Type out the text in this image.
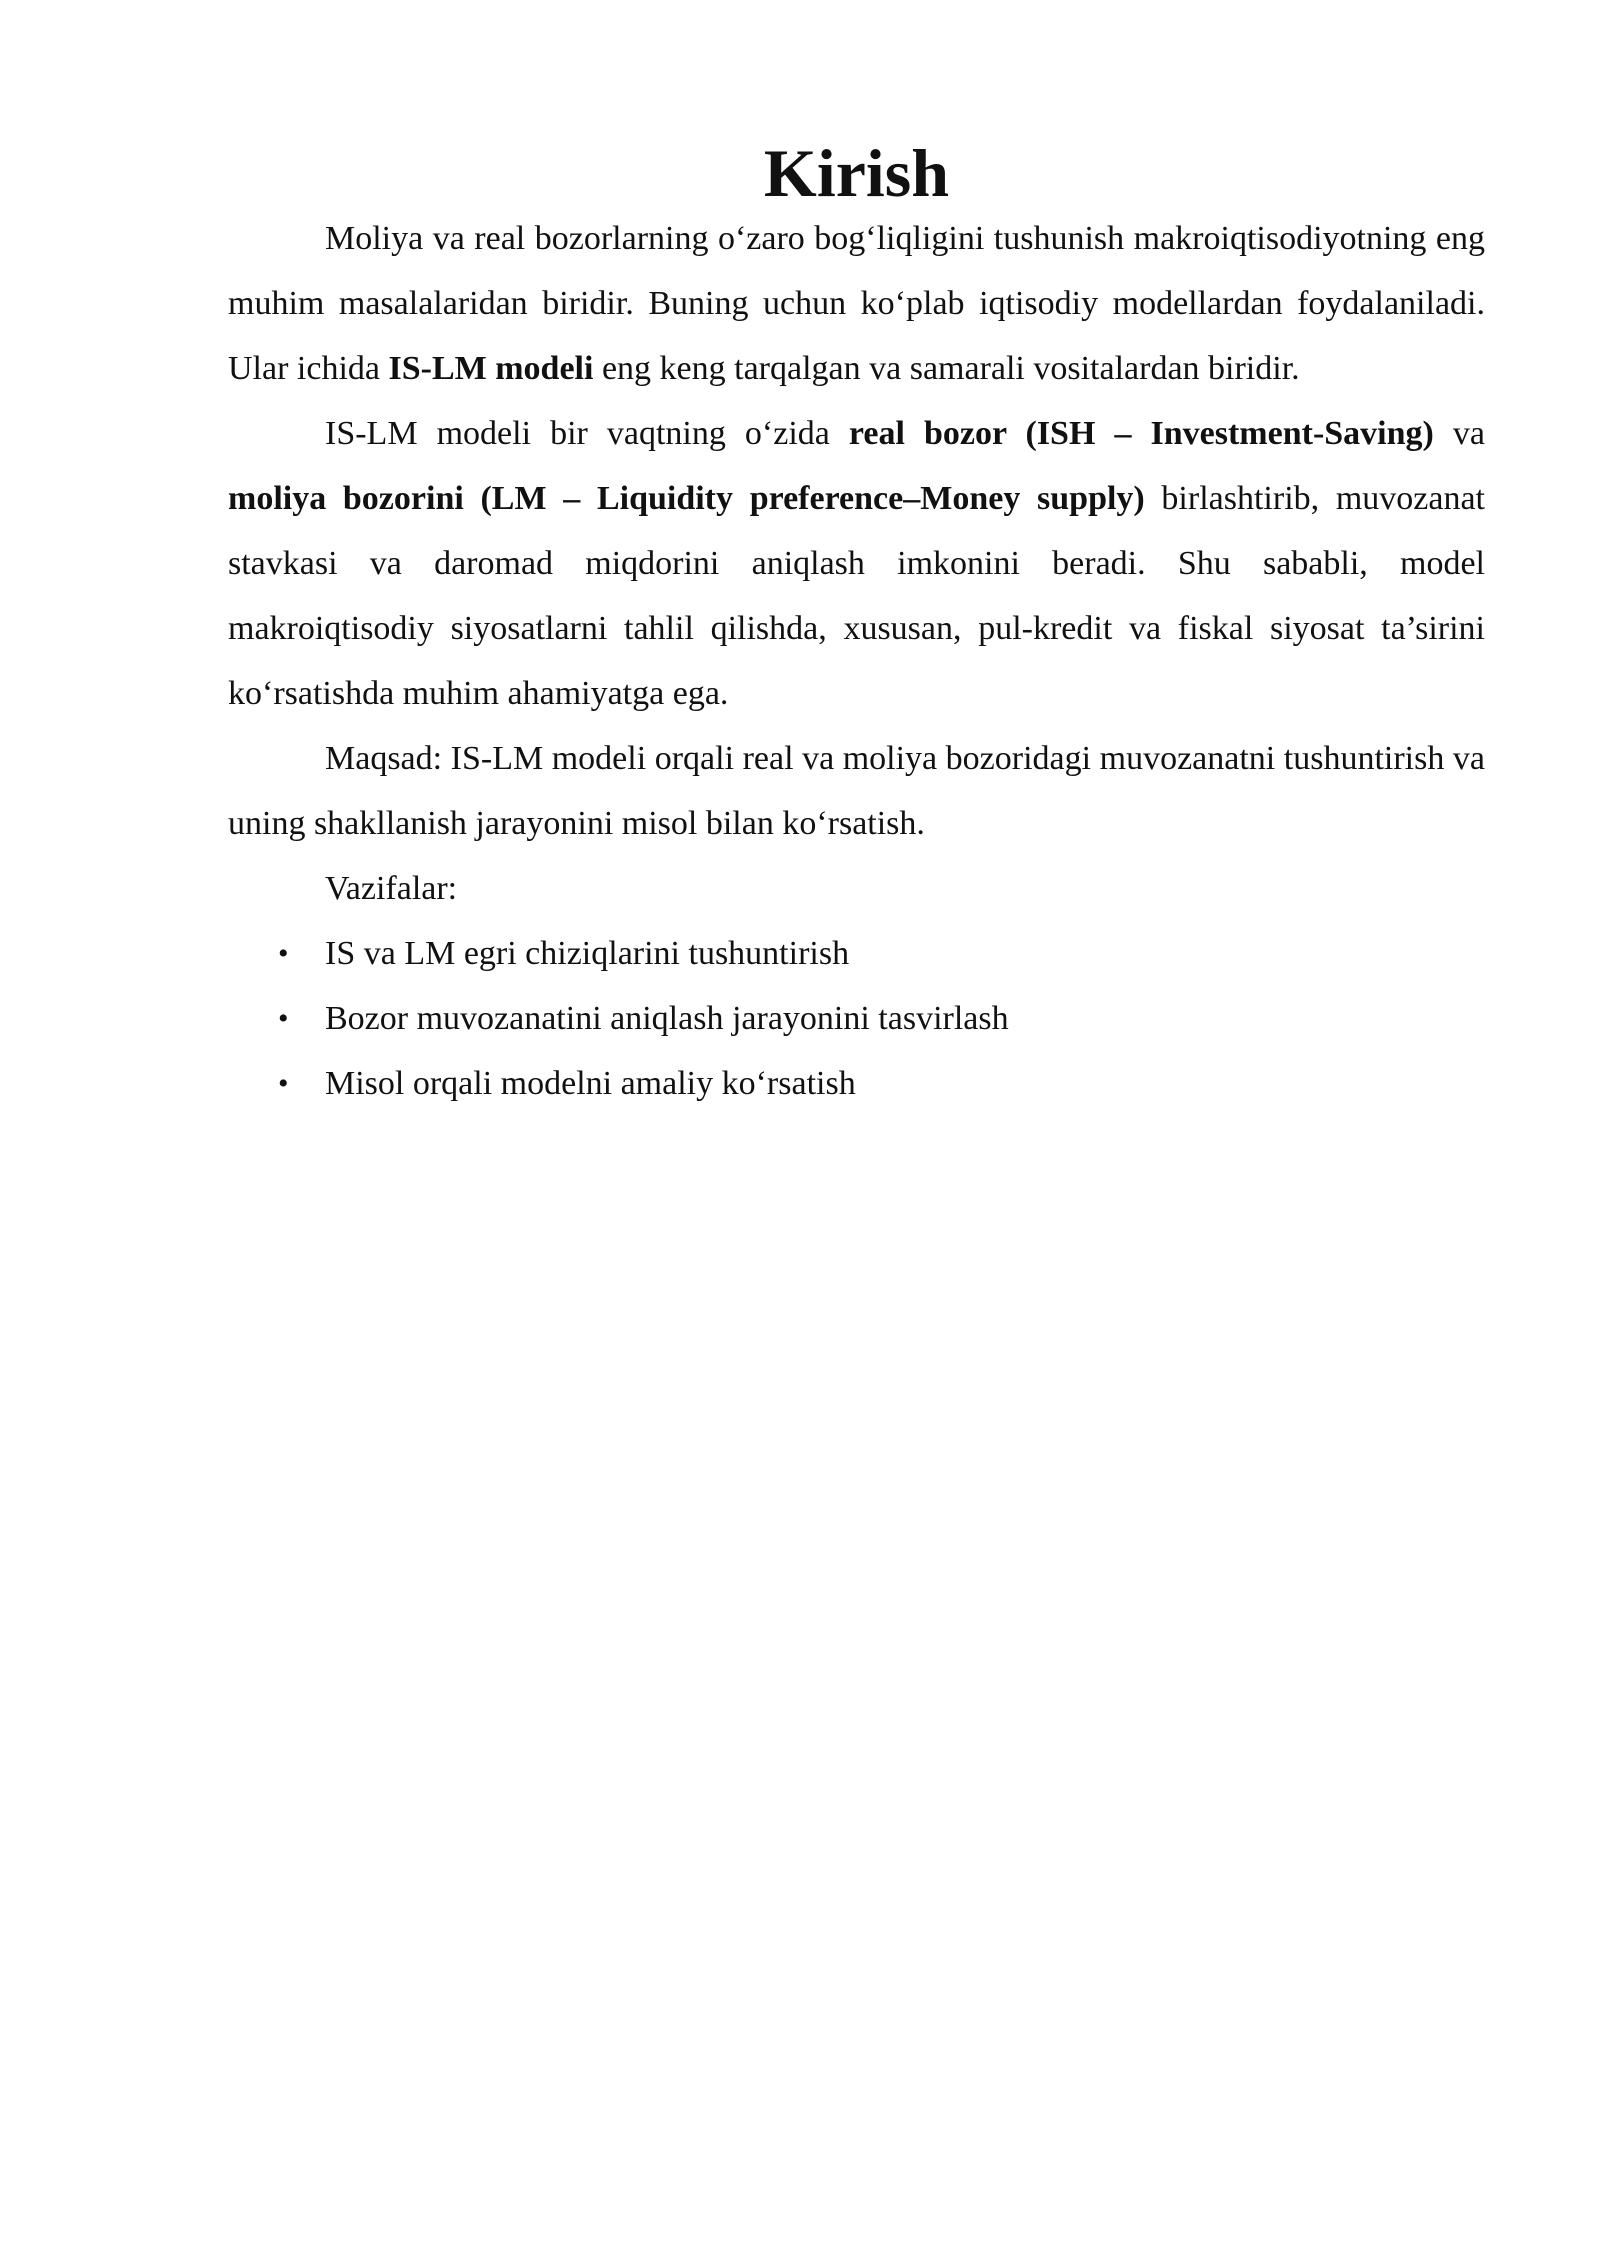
Kirish

Moliya va real bozorlarning o‘zaro bog‘liqligini tushunish makroiqtisodiyotning eng muhim masalalaridan biridir. Buning uchun ko‘plab iqtisodiy modellardan foydalaniladi. Ular ichida IS-LM modeli eng keng tarqalgan va samarali vositalardan biridir.

IS-LM modeli bir vaqtning o‘zida real bozor (ISH – Investment-Saving) va moliya bozorini (LM – Liquidity preference–Money supply) birlashtirib, muvozanat stavkasi va daromad miqdorini aniqlash imkonini beradi. Shu sababli, model makroiqtisodiy siyosatlarni tahlil qilishda, xususan, pul-kredit va fiskal siyosat ta’sirini ko‘rsatishda muhim ahamiyatga ega.

Maqsad: IS-LM modeli orqali real va moliya bozoridagi muvozanatni tushuntirish va uning shakllanish jarayonini misol bilan ko‘rsatish.

Vazifalar:

• IS va LM egri chiziqlarini tushuntirish
• Bozor muvozanatini aniqlash jarayonini tasvirlash
• Misol orqali modelni amaliy ko‘rsatish
